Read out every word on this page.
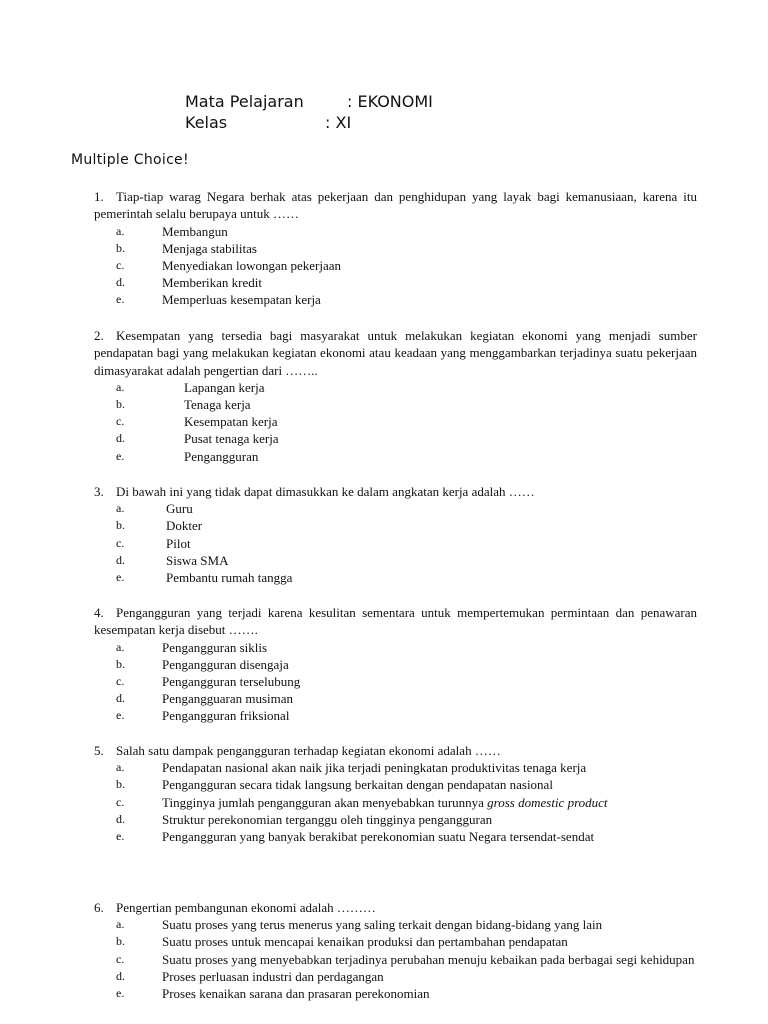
Mata Pelajaran	: EKONOMI
Kelas	: XI
Multiple Choice!

1. Tiap-tiap warag Negara berhak atas pekerjaan dan penghidupan yang layak bagi kemanusiaan, karena itu pemerintah selalu berupaya untuk ……

a.	Membangun
b.	Menjaga stabilitas
c.	Menyediakan lowongan pekerjaan
d.	Memberikan kredit
e.	Memperluas kesempatan kerja

2. Kesempatan yang tersedia bagi masyarakat untuk melakukan kegiatan ekonomi yang menjadi sumber pendapatan bagi yang melakukan kegiatan ekonomi atau keadaan yang menggambarkan terjadinya suatu pekerjaan dimasyarakat adalah pengertian dari ……..

a.	Lapangan kerja
b.	Tenaga kerja
c.	Kesempatan kerja
d.	Pusat tenaga kerja
e.	Pengangguran

3. Di bawah ini yang tidak dapat dimasukkan ke dalam angkatan kerja adalah ……

a.	Guru
b.	Dokter
c.	Pilot
d.	Siswa SMA
e.	Pembantu rumah tangga

4. Pengangguran yang terjadi karena kesulitan sementara untuk mempertemukan permintaan dan penawaran kesempatan kerja disebut …….

a.	Pengangguran siklis
b.	Pengangguran disengaja
c.	Pengangguran terselubung
d.	Pengangguaran musiman
e.	Pengangguran friksional

5. Salah satu dampak pengangguran terhadap kegiatan ekonomi adalah ……

a.	Pendapatan nasional akan naik jika terjadi peningkatan produktivitas tenaga kerja
b.	Pengangguran secara tidak langsung berkaitan dengan pendapatan nasional
c.	Tingginya jumlah pengangguran akan menyebabkan turunnya gross domestic product
d.	Struktur perekonomian terganggu oleh tingginya pengangguran
e.	Pengangguran yang banyak berakibat perekonomian suatu Negara tersendat-sendat

6. Pengertian pembangunan ekonomi adalah ………

a.	Suatu proses yang terus menerus yang saling terkait dengan bidang-bidang yang lain
b.	Suatu proses untuk mencapai kenaikan produksi dan pertambahan pendapatan
c.	Suatu proses yang menyebabkan terjadinya perubahan menuju kebaikan pada berbagai segi kehidupan
d.	Proses perluasan industri dan perdagangan
e.	Proses kenaikan sarana dan prasaran perekonomian
